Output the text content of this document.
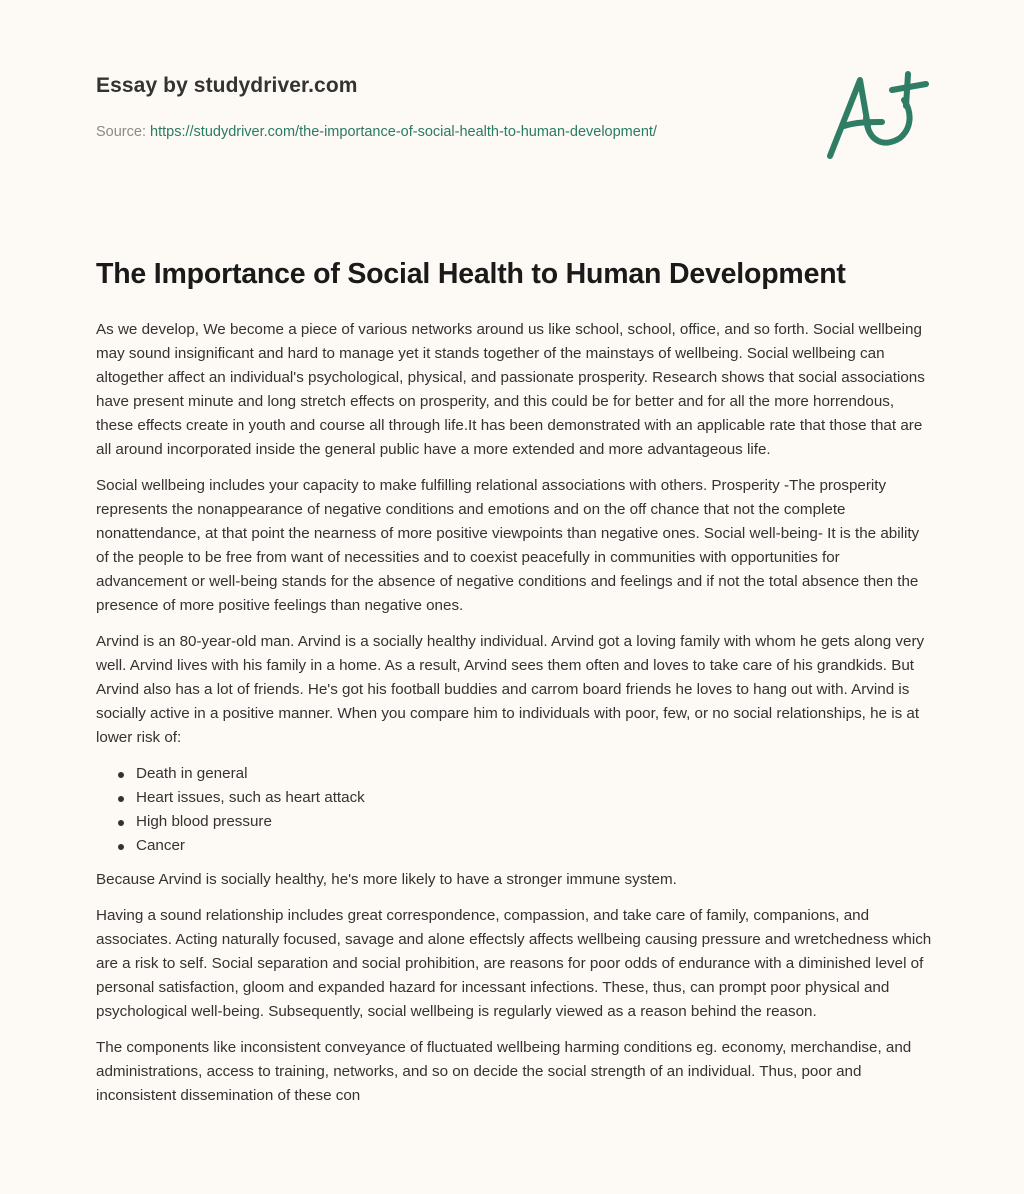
Essay by studydriver.com
Source: https://studydriver.com/the-importance-of-social-health-to-human-development/
The Importance of Social Health to Human Development

As we develop, We become a piece of various networks around us like school, school, office, and so forth. Social wellbeing may sound insignificant and hard to manage yet it stands together of the mainstays of wellbeing. Social wellbeing can altogether affect an individual's psychological, physical, and passionate prosperity. Research shows that social associations have present minute and long stretch effects on prosperity, and this could be for better and for all the more horrendous, these effects create in youth and course all through life.It has been demonstrated with an applicable rate that those that are all around incorporated inside the general public have a more extended and more advantageous life.

Social wellbeing includes your capacity to make fulfilling relational associations with others. Prosperity -The prosperity represents the nonappearance of negative conditions and emotions and on the off chance that not the complete nonattendance, at that point the nearness of more positive viewpoints than negative ones. Social well-being- It is the ability of the people to be free from want of necessities and to coexist peacefully in communities with opportunities for advancement or well-being stands for the absence of negative conditions and feelings and if not the total absence then the presence of more positive feelings than negative ones.

Arvind is an 80-year-old man. Arvind is a socially healthy individual. Arvind got a loving family with whom he gets along very well. Arvind lives with his family in a home. As a result, Arvind sees them often and loves to take care of his grandkids. But Arvind also has a lot of friends. He's got his football buddies and carrom board friends he loves to hang out with. Arvind is socially active in a positive manner. When you compare him to individuals with poor, few, or no social relationships, he is at lower risk of:

Death in general
Heart issues, such as heart attack
High blood pressure
Cancer

Because Arvind is socially healthy, he's more likely to have a stronger immune system.

Having a sound relationship includes great correspondence, compassion, and take care of family, companions, and associates. Acting naturally focused, savage and alone effectsly affects wellbeing causing pressure and wretchedness which are a risk to self. Social separation and social prohibition, are reasons for poor odds of endurance with a diminished level of personal satisfaction, gloom and expanded hazard for incessant infections. These, thus, can prompt poor physical and psychological well-being. Subsequently, social wellbeing is regularly viewed as a reason behind the reason.

The components like inconsistent conveyance of fluctuated wellbeing harming conditions eg. economy, merchandise, and administrations, access to training, networks, and so on decide the social strength of an individual. Thus, poor and inconsistent dissemination of these con
